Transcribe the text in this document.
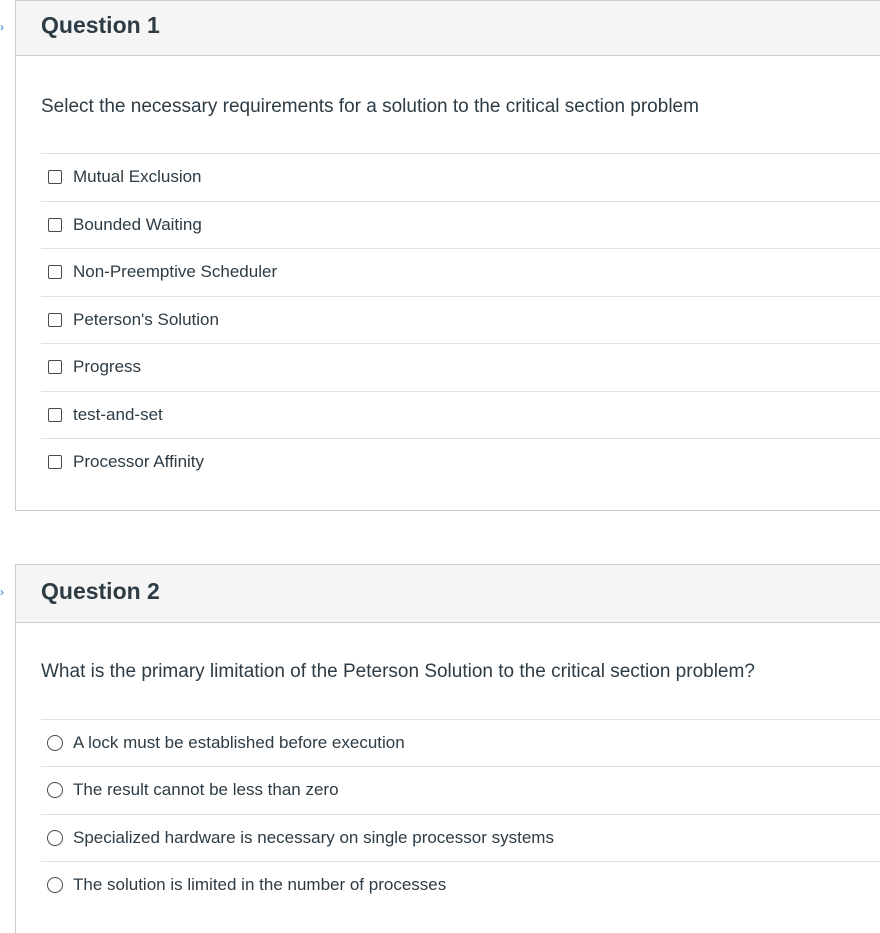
› Question 1
Select the necessary requirements for a solution to the critical section problem
Mutual Exclusion
Bounded Waiting
Non-Preemptive Scheduler
Peterson's Solution
Progress
test-and-set
Processor Affinity
› Question 2
What is the primary limitation of the Peterson Solution to the critical section problem?
A lock must be established before execution
The result cannot be less than zero
Specialized hardware is necessary on single processor systems
The solution is limited in the number of processes
